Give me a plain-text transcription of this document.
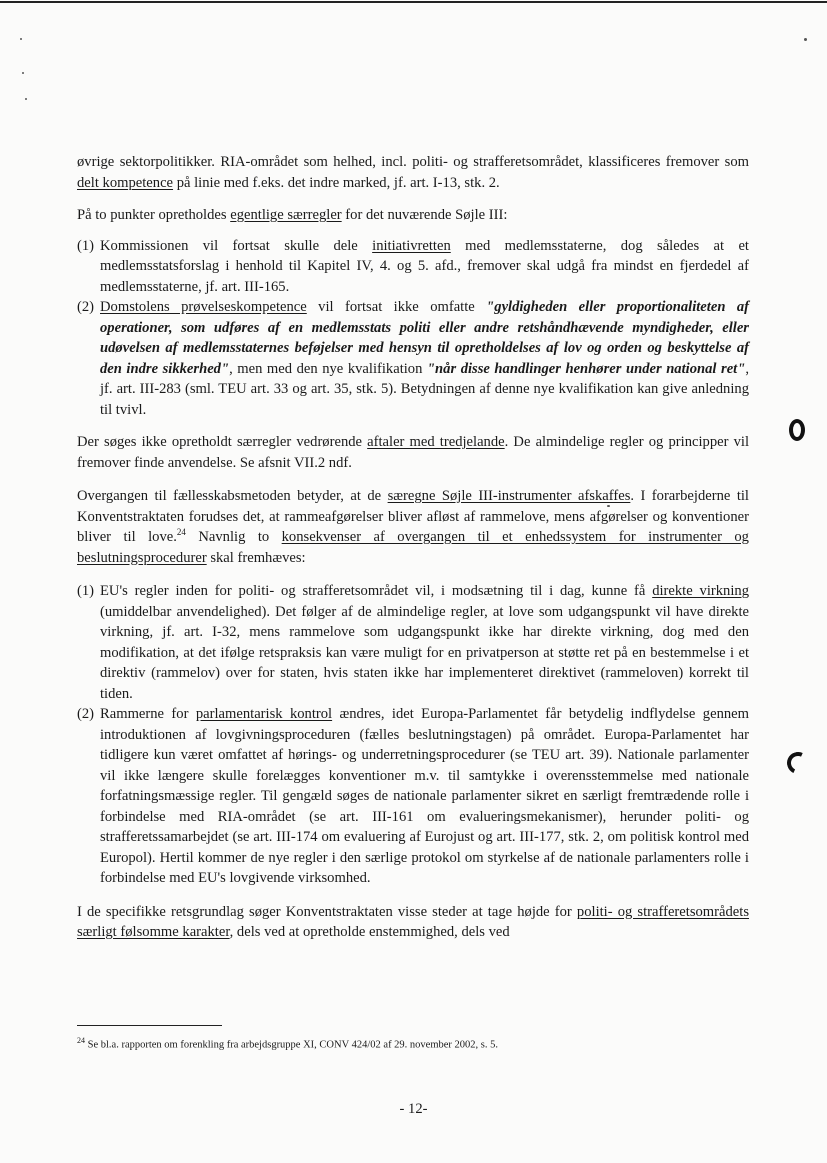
øvrige sektorpolitikker. RIA-området som helhed, incl. politi- og strafferetsområdet, klassificeres fremover som delt kompetence på linie med f.eks. det indre marked, jf. art. I-13, stk. 2.

På to punkter opretholdes egentlige særregler for det nuværende Søjle III:

(1) Kommissionen vil fortsat skulle dele initiativretten med medlemsstaterne, dog således at et medlemsstatsforslag i henhold til Kapitel IV, 4. og 5. afd., fremover skal udgå fra mindst en fjerdedel af medlemsstaterne, jf. art. III-165.
(2) Domstolens prøvelseskompetence vil fortsat ikke omfatte "gyldigheden eller proportionaliteten af operationer, som udføres af en medlemsstats politi eller andre retshåndhævende myndigheder, eller udøvelsen af medlemsstaternes beføjelser med hensyn til opretholdelses af lov og orden og beskyttelse af den indre sikkerhed", men med den nye kvalifikation "når disse handlinger henhører under national ret", jf. art. III-283 (sml. TEU art. 33 og art. 35, stk. 5). Betydningen af denne nye kvalifikation kan give anledning til tvivl.

Der søges ikke opretholdt særregler vedrørende aftaler med tredjelande. De almindelige regler og principper vil fremover finde anvendelse. Se afsnit VII.2 ndf.

Overgangen til fællesskabsmetoden betyder, at de særegne Søjle III-instrumenter afskaffes. I forarbejderne til Konventstraktaten forudses det, at rammeafgørelser bliver afløst af rammelove, mens afgørelser og konventioner bliver til love.$^{24}$ Navnlig to konsekvenser af overgangen til et enhedssystem for instrumenter og beslutningsprocedurer skal fremhæves:

(1) EU's regler inden for politi- og strafferetsområdet vil, i modsætning til i dag, kunne få direkte virkning (umiddelbar anvendelighed). Det følger af de almindelige regler, at love som udgangspunkt vil have direkte virkning, jf. art. I-32, mens rammelove som udgangspunkt ikke har direkte virkning, dog med den modifikation, at det ifølge retspraksis kan være muligt for en privatperson at støtte ret på en bestemmelse i et direktiv (rammelov) over for staten, hvis staten ikke har implementeret direktivet (rammeloven) korrekt til tiden.
(2) Rammerne for parlamentarisk kontrol ændres, idet Europa-Parlamentet får betydelig indflydelse gennem introduktionen af lovgivningsproceduren (fælles beslutningstagen) på området. Europa-Parlamentet har tidligere kun været omfattet af hørings- og underretningsprocedurer (se TEU art. 39). Nationale parlamenter vil ikke længere skulle forelægges konventioner m.v. til samtykke i overensstemmelse med nationale forfatningsmæssige regler. Til gengæld søges de nationale parlamenter sikret en særligt fremtrædende rolle i forbindelse med RIA-området (se art. III-161 om evalueringsmekanismer), herunder politi- og strafferetssamarbejdet (se art. III-174 om evaluering af Eurojust og art. III-177, stk. 2, om politisk kontrol med Europol). Hertil kommer de nye regler i den særlige protokol om styrkelse af de nationale parlamenters rolle i forbindelse med EU's lovgivende virksomhed.

I de specifikke retsgrundlag søger Konventstraktaten visse steder at tage højde for politi- og strafferetsområdets særligt følsomme karakter, dels ved at opretholde enstemmighed, dels ved

$^{24}$ Se bl.a. rapporten om forenkling fra arbejdsgruppe XI, CONV 424/02 af 29. november 2002, s. 5.
- 12-
